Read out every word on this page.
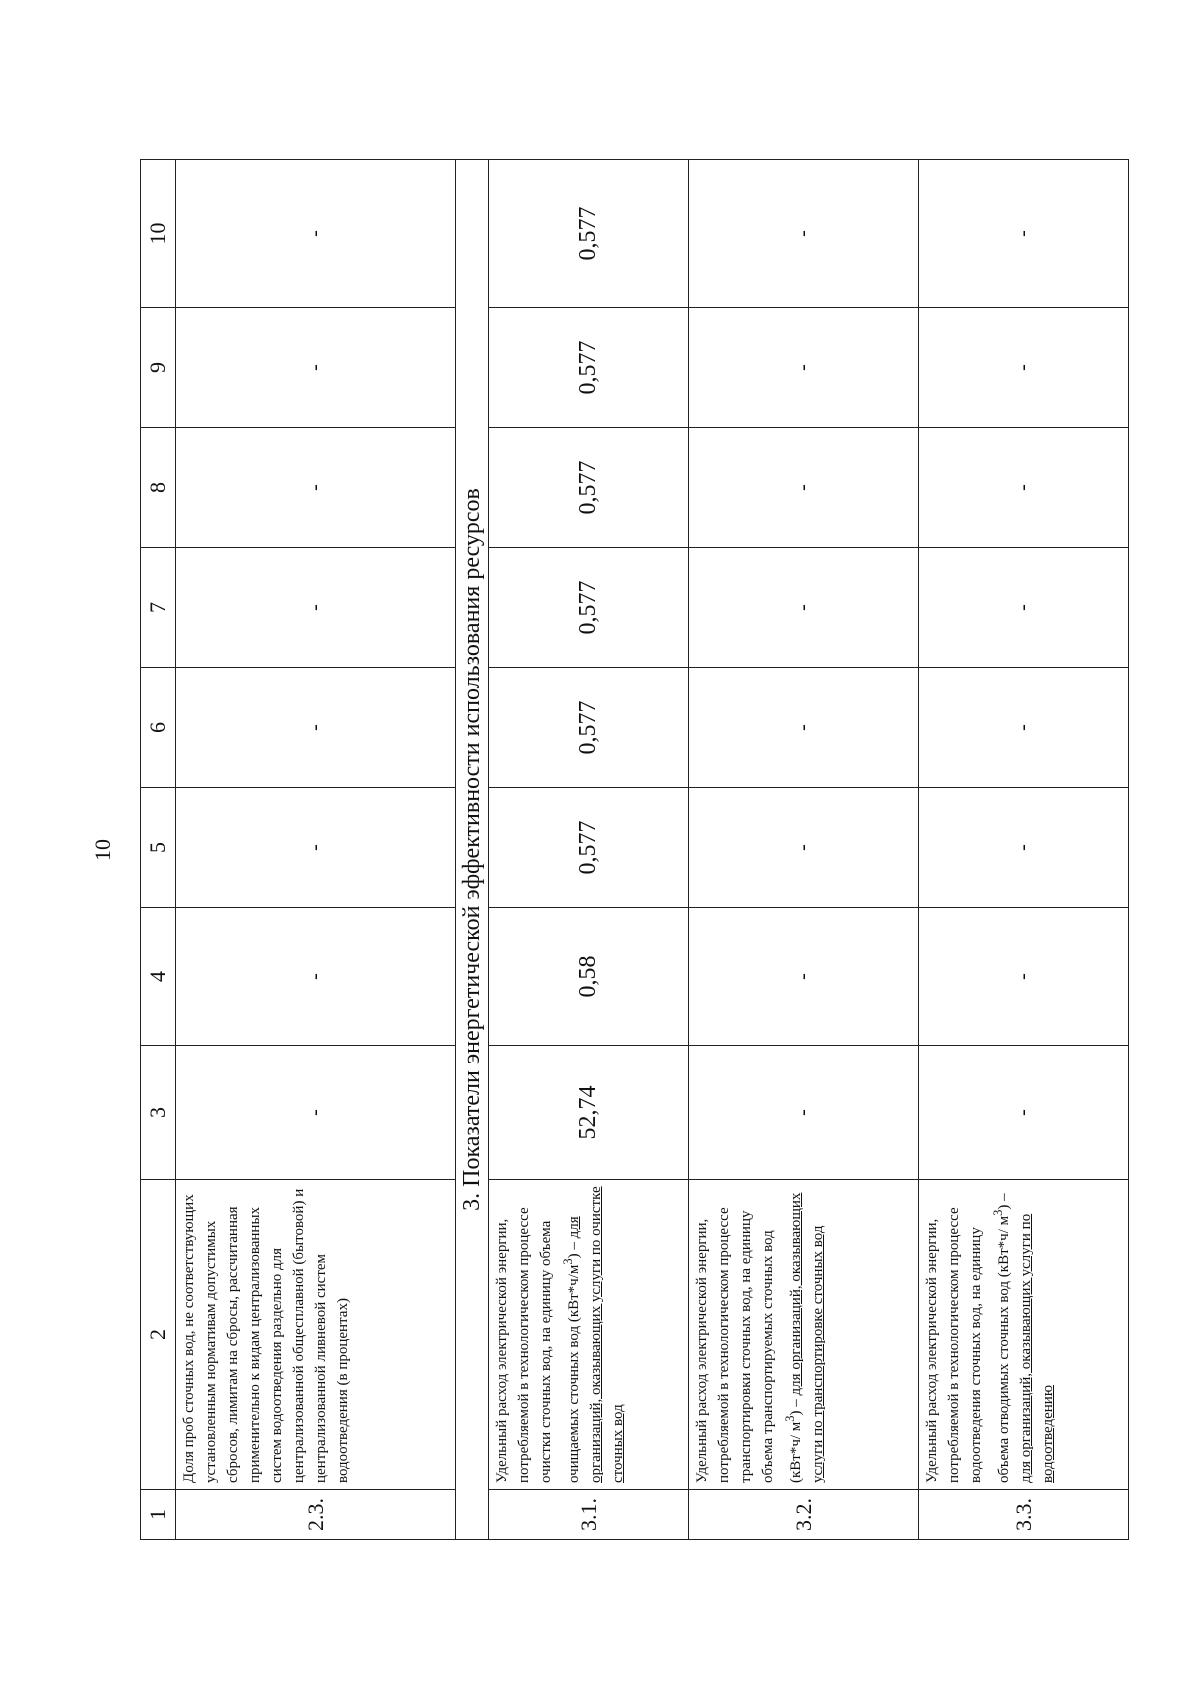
10
1	2	3	4	5	6	7	8	9	10
2.3.	Доля проб сточных вод, не соответствующих установленным нормативам допустимых сбросов, лимитам на сбросы, рассчитанная применительно к видам централизованных систем водоотведения раздельно для централизованной общесплавной (бытовой) и централизованной ливневой систем водоотведения (в процентах)	-	-	-	-	-	-	-	-
3. Показатели энергетической эффективности использования ресурсов									
3.1.	Удельный расход электрической энергии, потребляемой в технологическом процессе очистки сточных вод, на единицу объема очищаемых сточных вод $(кВт*ч/м^3)$ – для организаций, оказывающих услуги по очистке сточных вод	52,74	0,58	0,577	0,577	0,577	0,577	0,577	0,577
3.2.	Удельный расход электрической энергии, потребляемой в технологическом процессе транспортировки сточных вод, на единицу объема транспортируемых сточных вод (кВт*ч/ $м^3$) – для организаций, оказывающих услуги по транспортировке сточных вод	-	-	-	-	-	-	-	-
3.3.	Удельный расход электрической энергии, потребляемой в технологическом процессе водоотведения сточных вод, на единицу объема отводимых сточных вод (кВт*ч/ $м^3$) – для организаций, оказывающих услуги по водоотведению	-	-	-	-	-	-	-	-
